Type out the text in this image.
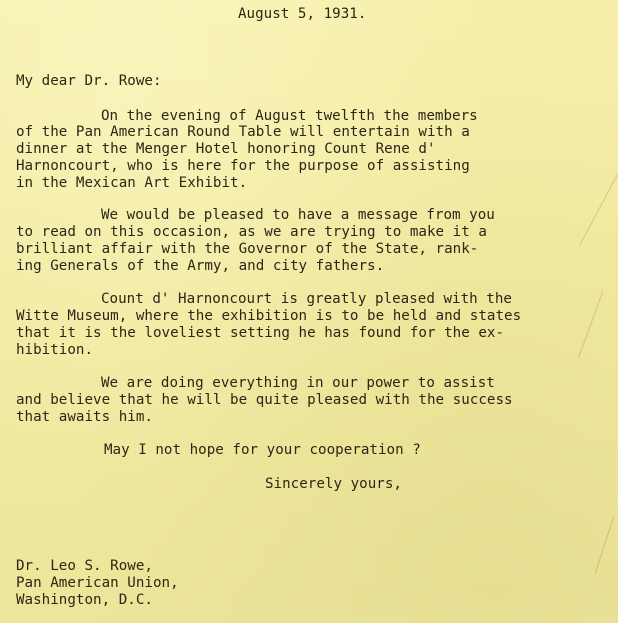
August 5, 1931.
My dear Dr. Rowe:
On the evening of August twelfth the members
of the Pan American Round Table will entertain with a
dinner at the Menger Hotel honoring Count Rene d'
Harnoncourt, who is here for the purpose of assisting
in the Mexican Art Exhibit.
We would be pleased to have a message from you
to read on this occasion, as we are trying to make it a
brilliant affair with the Governor of the State, rank-
ing Generals of the Army, and city fathers.
Count d' Harnoncourt is greatly pleased with the
Witte Museum, where the exhibition is to be held and states
that it is the loveliest setting he has found for the ex-
hibition.
We are doing everything in our power to assist
and believe that he will be quite pleased with the success
that awaits him.
May I not hope for your cooperation ?
Sincerely yours,
Dr. Leo S. Rowe,
Pan American Union,
Washington, D.C.
